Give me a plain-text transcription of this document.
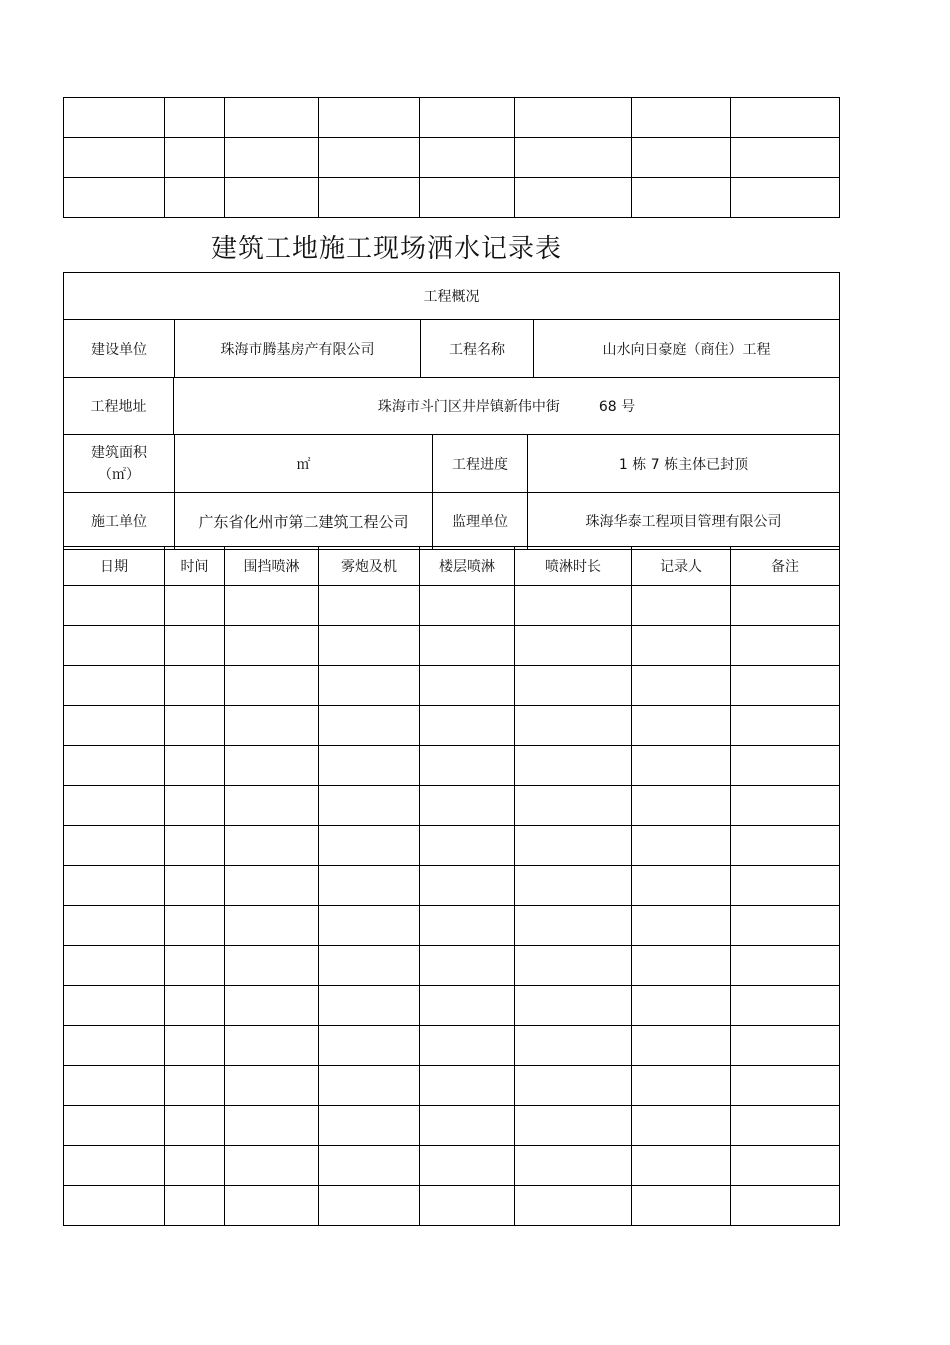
建筑工地施工现场洒水记录表
工程概况

建设单位	珠海市腾基房产有限公司	工程名称	山水向日豪庭（商住）工程

工程地址	珠海市斗门区井岸镇新伟中街	68 号

建筑面积
（㎡）
㎡	工程进度	1 栋 7 栋主体已封顶

施工单位	广东省化州市第二建筑工程公司	监理单位	珠海华泰工程项目管理有限公司
日期	时间	围挡喷淋	雾炮及机	楼层喷淋	喷淋时长	记录人	备注
